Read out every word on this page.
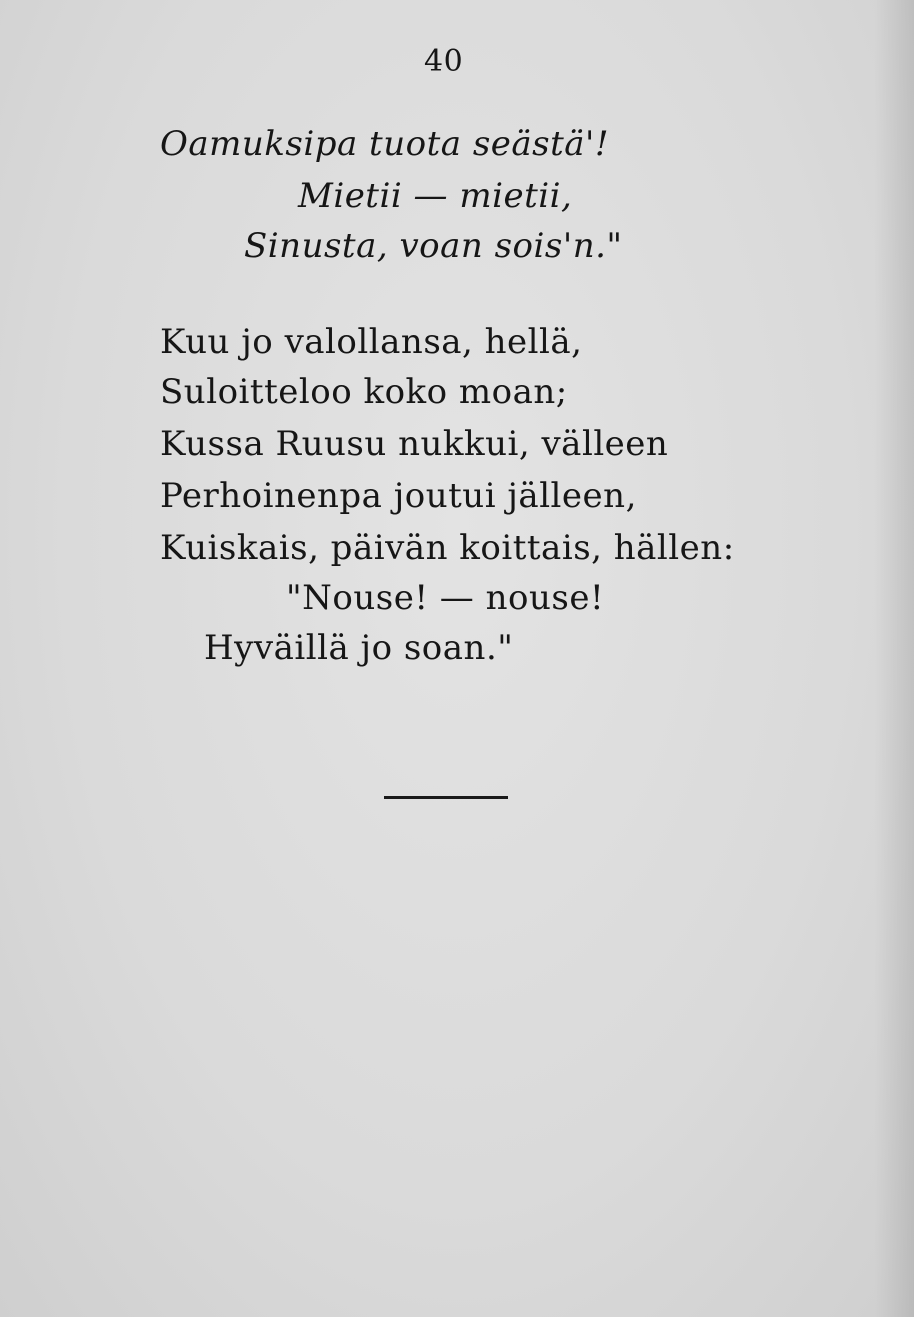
40
Oamuksipa tuota seästä'!
Mietii — mietii,
Sinusta, voan sois'n."
Kuu jo valollansa, hellä,
Suloitteloo koko moan;
Kussa Ruusu nukkui, välleen
Perhoinenpa joutui jälleen,
Kuiskais, päivän koittais, hällen:
"Nouse! — nouse!
Hyväillä jo soan."
